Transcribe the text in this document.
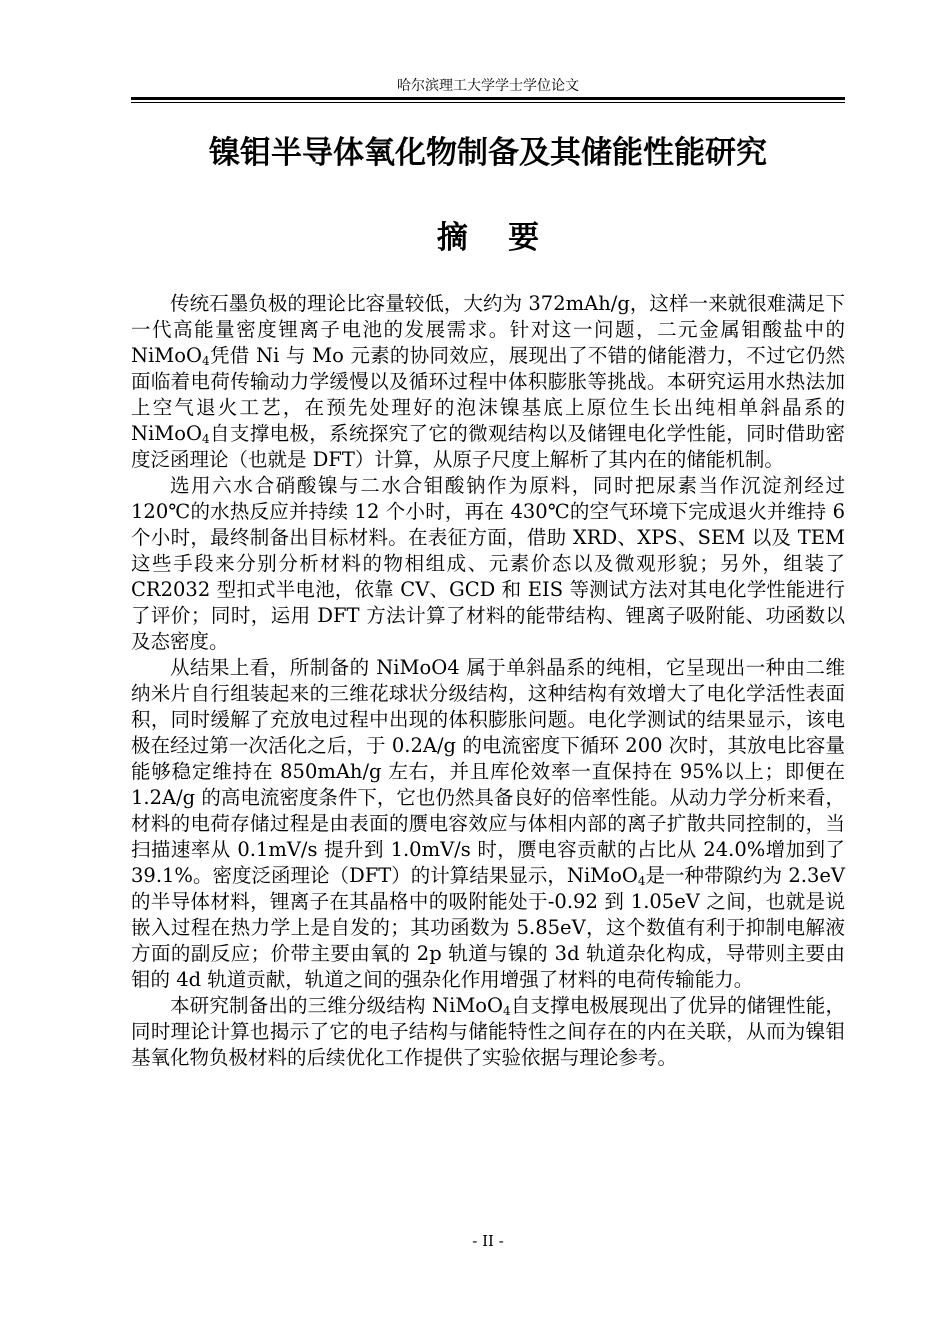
哈尔滨理工大学学士学位论文
镍钼半导体氧化物制备及其储能性能研究
摘要

传统石墨负极的理论比容量较低，大约为 372mAh/g，这样一来就很难满足下一代高能量密度锂离子电池的发展需求。针对这一问题，二元金属钼酸盐中的 NiMoO$_4$凭借 Ni 与 Mo 元素的协同效应，展现出了不错的储能潜力，不过它仍然面临着电荷传输动力学缓慢以及循环过程中体积膨胀等挑战。本研究运用水热法加上空气退火工艺，在预先处理好的泡沫镍基底上原位生长出纯相单斜晶系的 NiMoO$_4$自支撑电极，系统探究了它的微观结构以及储锂电化学性能，同时借助密度泛函理论（也就是 DFT）计算，从原子尺度上解析了其内在的储能机制。

选用六水合硝酸镍与二水合钼酸钠作为原料，同时把尿素当作沉淀剂经过 120℃的水热反应并持续 12 个小时，再在 430℃的空气环境下完成退火并维持 6 个小时，最终制备出目标材料。在表征方面，借助 XRD、XPS、SEM 以及 TEM 这些手段来分别分析材料的物相组成、元素价态以及微观形貌；另外，组装了 CR2032 型扣式半电池，依靠 CV、GCD 和 EIS 等测试方法对其电化学性能进行了评价；同时，运用 DFT 方法计算了材料的能带结构、锂离子吸附能、功函数以及态密度。

从结果上看，所制备的 NiMoO4 属于单斜晶系的纯相，它呈现出一种由二维纳米片自行组装起来的三维花球状分级结构，这种结构有效增大了电化学活性表面积，同时缓解了充放电过程中出现的体积膨胀问题。电化学测试的结果显示，该电极在经过第一次活化之后，于 0.2A/g 的电流密度下循环 200 次时，其放电比容量能够稳定维持在 850mAh/g 左右，并且库伦效率一直保持在 95%以上；即便在 1.2A/g 的高电流密度条件下，它也仍然具备良好的倍率性能。从动力学分析来看，材料的电荷存储过程是由表面的赝电容效应与体相内部的离子扩散共同控制的，当扫描速率从 0.1mV/s 提升到 1.0mV/s 时，赝电容贡献的占比从 24.0%增加到了 39.1%。密度泛函理论（DFT）的计算结果显示，NiMoO$_4$是一种带隙约为 2.3eV 的半导体材料，锂离子在其晶格中的吸附能处于-0.92 到 1.05eV 之间，也就是说嵌入过程在热力学上是自发的；其功函数为 5.85eV，这个数值有利于抑制电解液方面的副反应；价带主要由氧的 2p 轨道与镍的 3d 轨道杂化构成，导带则主要由钼的 4d 轨道贡献，轨道之间的强杂化作用增强了材料的电荷传输能力。

本研究制备出的三维分级结构 NiMoO$_4$自支撑电极展现出了优异的储锂性能，同时理论计算也揭示了它的电子结构与储能特性之间存在的内在关联，从而为镍钼基氧化物负极材料的后续优化工作提供了实验依据与理论参考。

- II -
